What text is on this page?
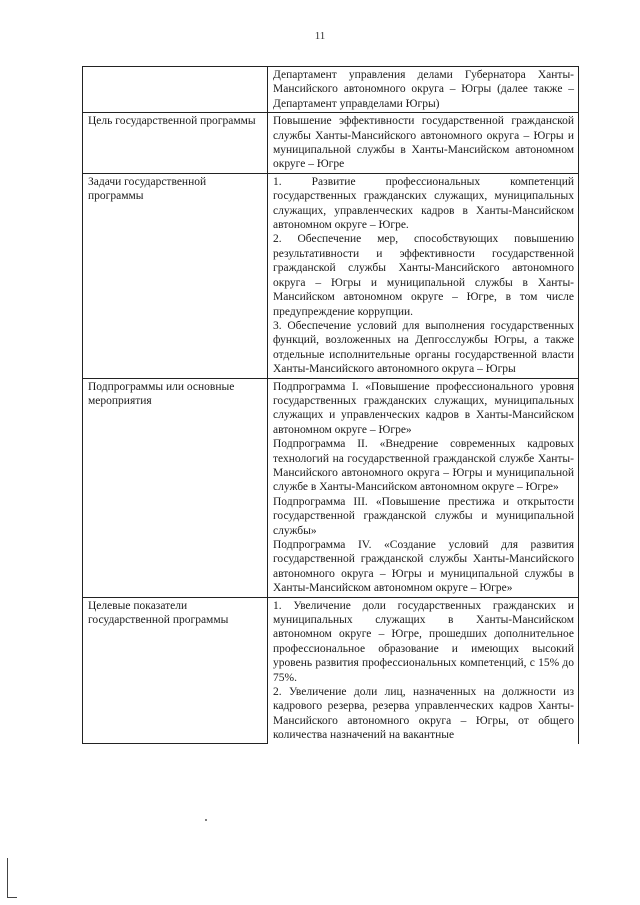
11

	Департамент управления делами Губернатора Ханты-Мансийского автономного округа – Югры (далее также – Департамент управделами Югры)

Цель государственной программы	Повышение эффективности государственной гражданской службы Ханты-Мансийского автономного округа – Югры и муниципальной службы в Ханты-Мансийском автономном округе – Югре

Задачи государственной программы	1. Развитие профессиональных компетенций государственных гражданских служащих, муниципальных служащих, управленческих кадров в Ханты-Мансийском автономном округе – Югре.

2. Обеспечение мер, способствующих повышению результативности и эффективности государственной гражданской службы Ханты-Мансийского автономного округа – Югры и муниципальной службы в Ханты-Мансийском автономном округе – Югре, в том числе предупреждение коррупции.

3. Обеспечение условий для выполнения государственных функций, возложенных на Депгосслужбы Югры, а также отдельные исполнительные органы государственной власти Ханты-Мансийского автономного округа – Югры

Подпрограммы или основные мероприятия	Подпрограмма I. «Повышение профессионального уровня государственных гражданских служащих, муниципальных служащих и управленческих кадров в Ханты-Мансийском автономном округе – Югре»

Подпрограмма II. «Внедрение современных кадровых технологий на государственной гражданской службе Ханты-Мансийского автономного округа – Югры и муниципальной службе в Ханты-Мансийском автономном округе – Югре»

Подпрограмма III. «Повышение престижа и открытости государственной гражданской службы и муниципальной службы»

Подпрограмма IV. «Создание условий для развития государственной гражданской службы Ханты-Мансийского автономного округа – Югры и муниципальной службы в Ханты-Мансийском автономном округе – Югре»

Целевые показатели государственной программы	1. Увеличение доли государственных гражданских и муниципальных служащих в Ханты-Мансийском автономном округе – Югре, прошедших дополнительное профессиональное образование и имеющих высокий уровень развития профессиональных компетенций, с 15% до 75%.

2. Увеличение доли лиц, назначенных на должности из кадрового резерва, резерва управленческих кадров Ханты-Мансийского автономного округа – Югры, от общего количества назначений на вакантные
